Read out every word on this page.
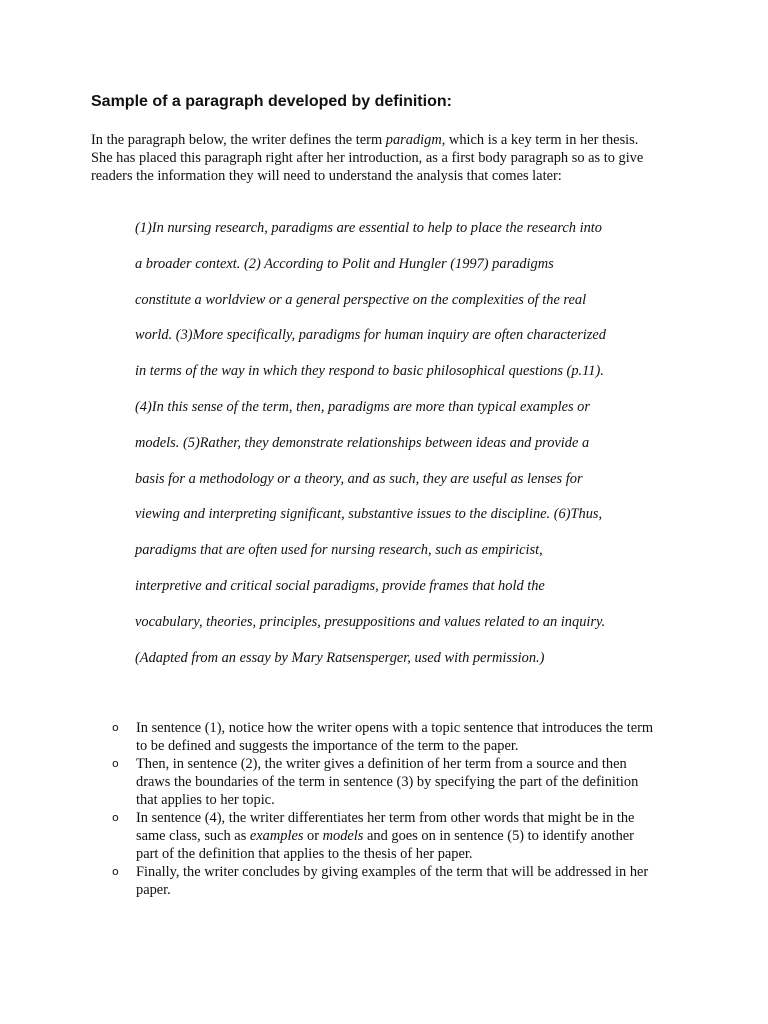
Sample of a paragraph developed by definition:

In the paragraph below, the writer defines the term paradigm, which is a key term in her thesis.
She has placed this paragraph right after her introduction, as a first body paragraph so as to give
readers the information they will need to understand the analysis that comes later:

(1)In nursing research, paradigms are essential to help to place the research into
a broader context. (2) According to Polit and Hungler (1997) paradigms
constitute a worldview or a general perspective on the complexities of the real
world. (3)More specifically, paradigms for human inquiry are often characterized
in terms of the way in which they respond to basic philosophical questions (p.11).
(4)In this sense of the term, then, paradigms are more than typical examples or
models. (5)Rather, they demonstrate relationships between ideas and provide a
basis for a methodology or a theory, and as such, they are useful as lenses for
viewing and interpreting significant, substantive issues to the discipline. (6)Thus,
paradigms that are often used for nursing research, such as empiricist,
interpretive and critical social paradigms, provide frames that hold the
vocabulary, theories, principles, presuppositions and values related to an inquiry.
(Adapted from an essay by Mary Ratsensperger, used with permission.)
o In sentence (1), notice how the writer opens with a topic sentence that introduces the term
to be defined and suggests the importance of the term to the paper.
o Then, in sentence (2), the writer gives a definition of her term from a source and then
draws the boundaries of the term in sentence (3) by specifying the part of the definition
that applies to her topic.
o In sentence (4), the writer differentiates her term from other words that might be in the
same class, such as examples or models and goes on in sentence (5) to identify another
part of the definition that applies to the thesis of her paper.
o Finally, the writer concludes by giving examples of the term that will be addressed in her
paper.
